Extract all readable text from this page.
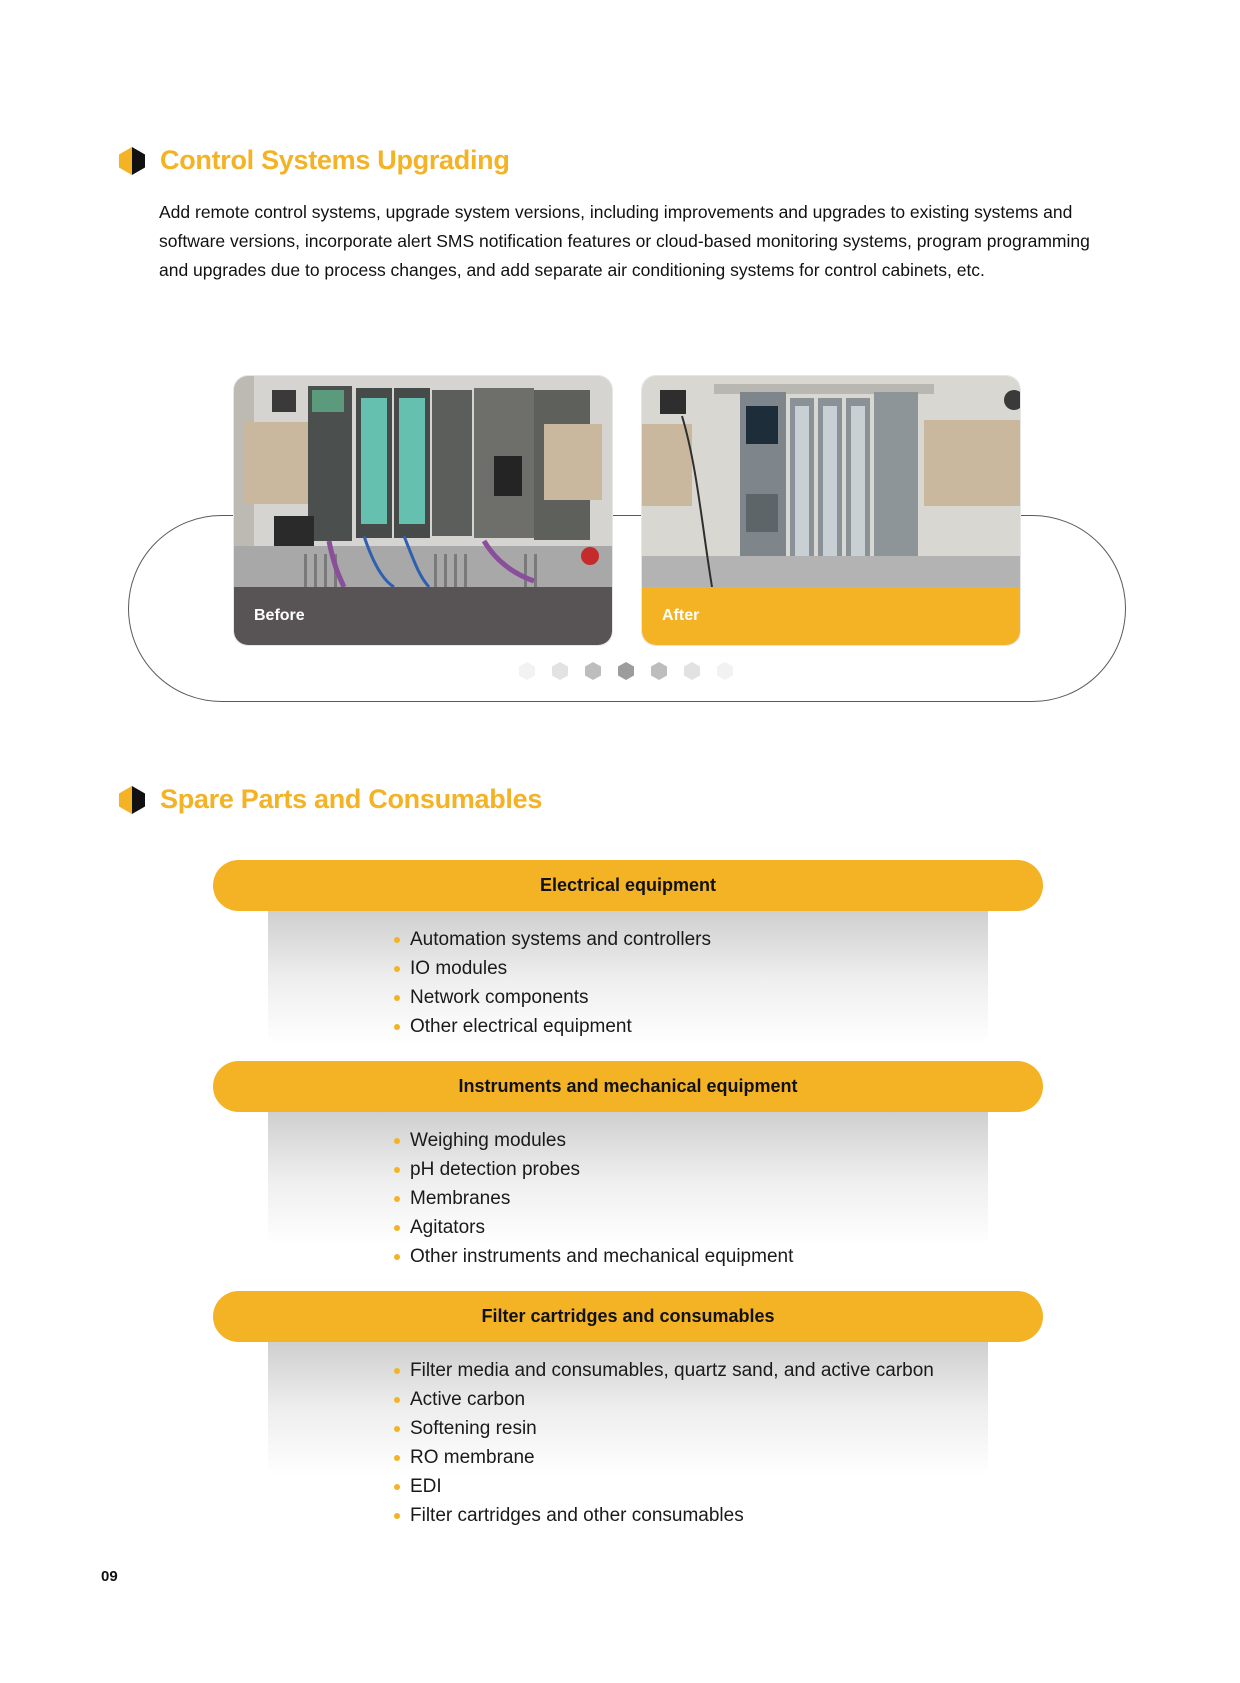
Control Systems Upgrading

Add remote control systems, upgrade system versions, including improvements and upgrades to existing systems and software versions, incorporate alert SMS notification features or cloud-based monitoring systems, program programming and upgrades due to process changes, and add separate air conditioning systems for control cabinets, etc.

Before	After
Spare Parts and Consumables
Electrical equipment
Automation systems and controllers
IO modules
Network components
Other electrical equipment
Instruments and mechanical equipment
Weighing modules
pH detection probes
Membranes
Agitators
Other instruments and mechanical equipment
Filter cartridges and consumables
Filter media and consumables, quartz sand, and active carbon
Active carbon
Softening resin
RO membrane
EDI
Filter cartridges and other consumables
09
